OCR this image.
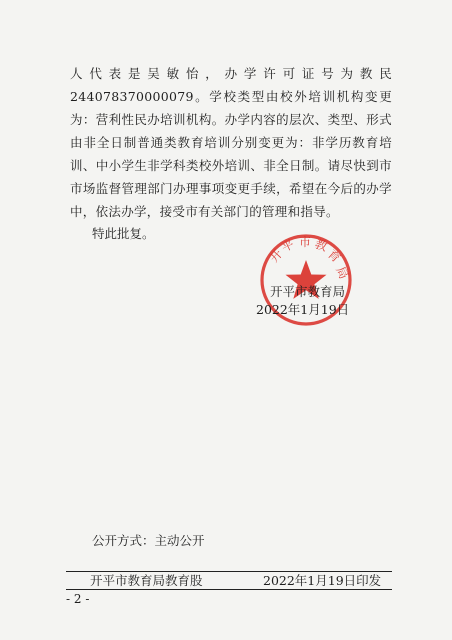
人代表是吴敏怡，办学许可证号为教民244078370000079。学校类型由校外培训机构变更为：营利性民办培训机构。办学内容的层次、类型、形式由非全日制普通类教育培训分别变更为：非学历教育培训、中小学生非学科类校外培训、非全日制。请尽快到市市场监督管理部门办理事项变更手续，希望在今后的办学中，依法办学，接受市有关部门的管理和指导。

特此批复。
开
平 市 教
育
局
开平市教育局
2022年1月19日
公开方式：主动公开
开平市教育局教育股	2022年1月19日印发
- 2 -
